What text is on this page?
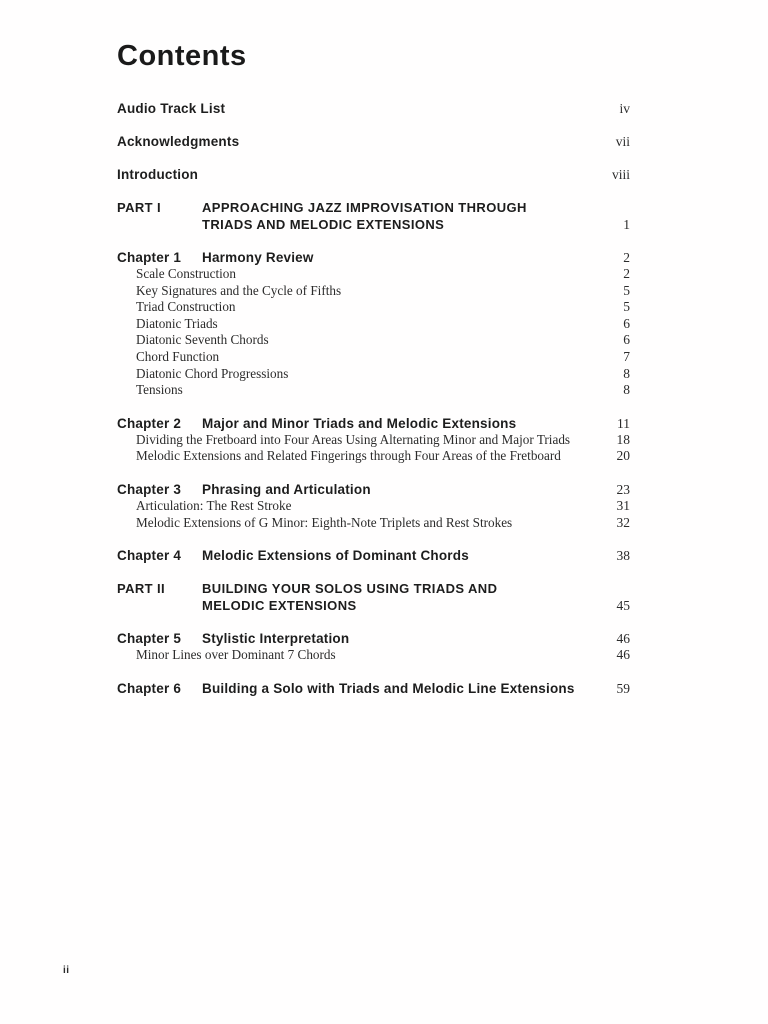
Contents
Audio Track List	iv
Acknowledgments	vii
Introduction	viii
PART I	APPROACHING JAZZ IMPROVISATION THROUGH
TRIADS AND MELODIC EXTENSIONS	1
Chapter 1	Harmony Review	2
Scale Construction	2
Key Signatures and the Cycle of Fifths	5
Triad Construction	5
Diatonic Triads	6
Diatonic Seventh Chords	6
Chord Function	7
Diatonic Chord Progressions	8
Tensions	8
Chapter 2	Major and Minor Triads and Melodic Extensions	11
Dividing the Fretboard into Four Areas Using Alternating Minor and Major Triads	18
Melodic Extensions and Related Fingerings through Four Areas of the Fretboard	20
Chapter 3	Phrasing and Articulation	23
Articulation: The Rest Stroke	31
Melodic Extensions of G Minor: Eighth-Note Triplets and Rest Strokes	32
Chapter 4	Melodic Extensions of Dominant Chords	38
PART II	BUILDING YOUR SOLOS USING TRIADS AND
MELODIC EXTENSIONS	45
Chapter 5	Stylistic Interpretation	46
Minor Lines over Dominant 7 Chords	46
Chapter 6	Building a Solo with Triads and Melodic Line Extensions	59
ii
